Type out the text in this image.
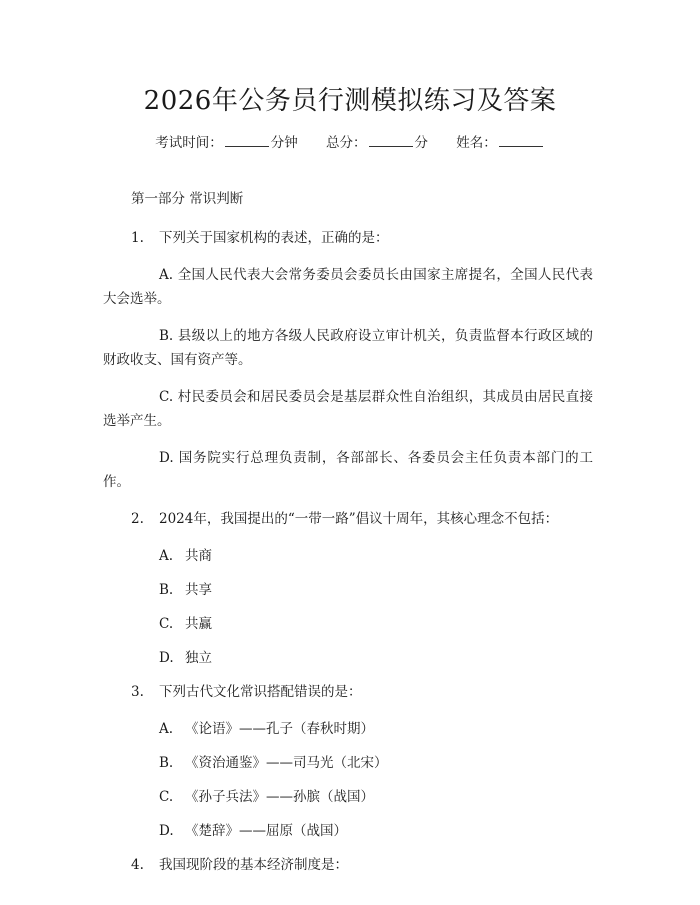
2026年公务员行测模拟练习及答案
考试时间：	分钟 总分：	分 姓名：
第一部分 常识判断
1. 下列关于国家机构的表述，正确的是：
A. 全国人民代表大会常务委员会委员长由国家主席提名，全国人民代表大会选举。
B. 县级以上的地方各级人民政府设立审计机关，负责监督本行政区域的财政收支、国有资产等。
C. 村民委员会和居民委员会是基层群众性自治组织，其成员由居民直接选举产生。
D. 国务院实行总理负责制，各部部长、各委员会主任负责本部门的工作。
2. 2024年，我国提出的“一带一路”倡议十周年，其核心理念不包括：
A. 共商
B. 共享
C. 共赢
D. 独立
3. 下列古代文化常识搭配错误的是：
A. 《论语》——孔子（春秋时期）
B. 《资治通鉴》——司马光（北宋）
C. 《孙子兵法》——孙膑（战国）
D. 《楚辞》——屈原（战国）
4. 我国现阶段的基本经济制度是：
